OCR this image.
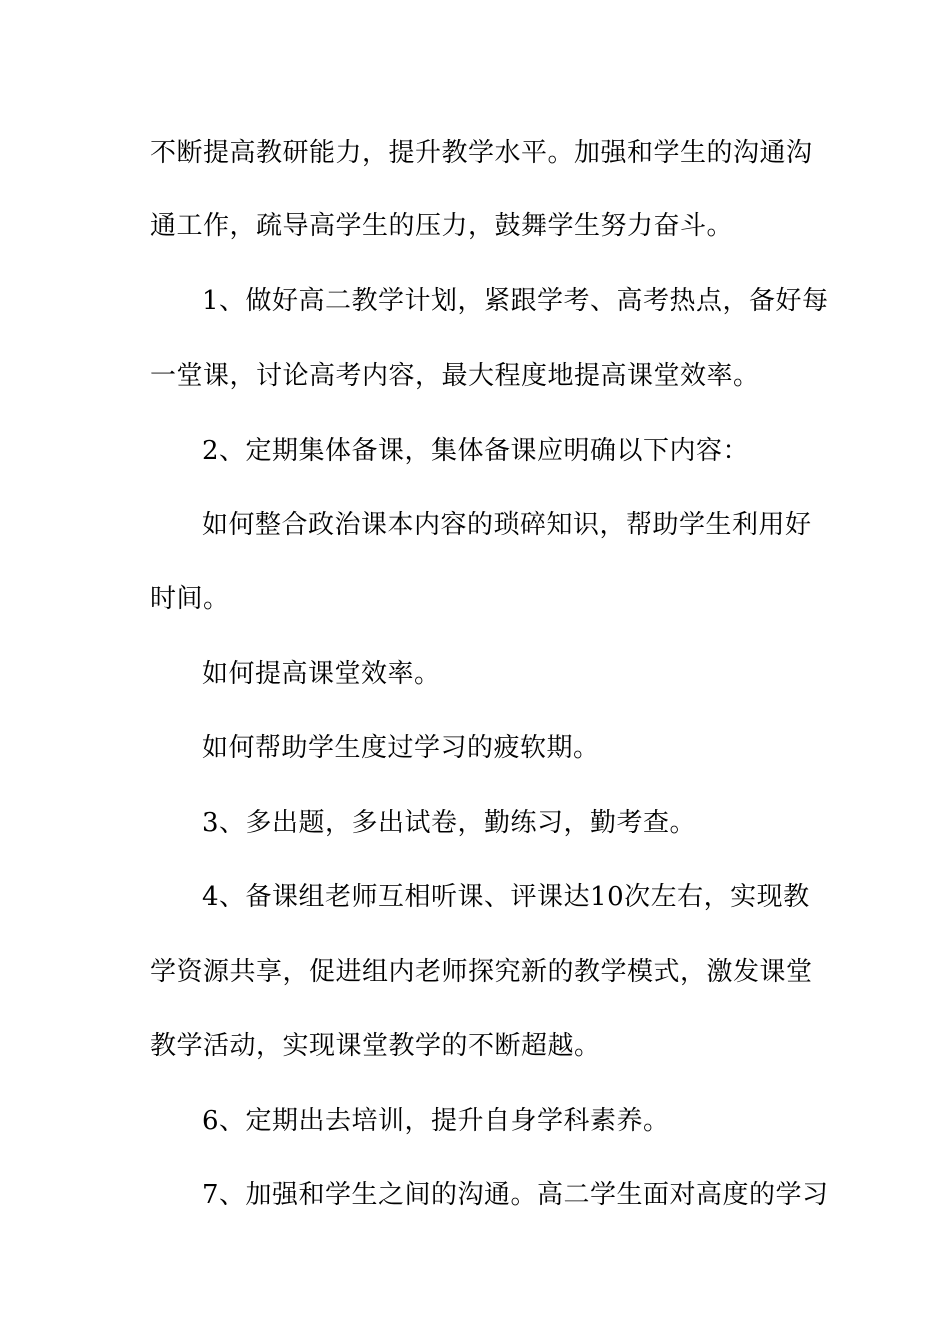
不断提高教研能力，提升教学水平。加强和学生的沟通沟
通工作，疏导高学生的压力，鼓舞学生努力奋斗。
1、做好高二教学计划，紧跟学考、高考热点，备好每
一堂课，讨论高考内容，最大程度地提高课堂效率。
2、定期集体备课，集体备课应明确以下内容：
如何整合政治课本内容的琐碎知识，帮助学生利用好
时间。
如何提高课堂效率。
如何帮助学生度过学习的疲软期。
3、多出题，多出试卷，勤练习，勤考查。
4、备课组老师互相听课、评课达10次左右，实现教
学资源共享，促进组内老师探究新的教学模式，激发课堂
教学活动，实现课堂教学的不断超越。
6、定期出去培训，提升自身学科素养。
7、加强和学生之间的沟通。高二学生面对高度的学习
